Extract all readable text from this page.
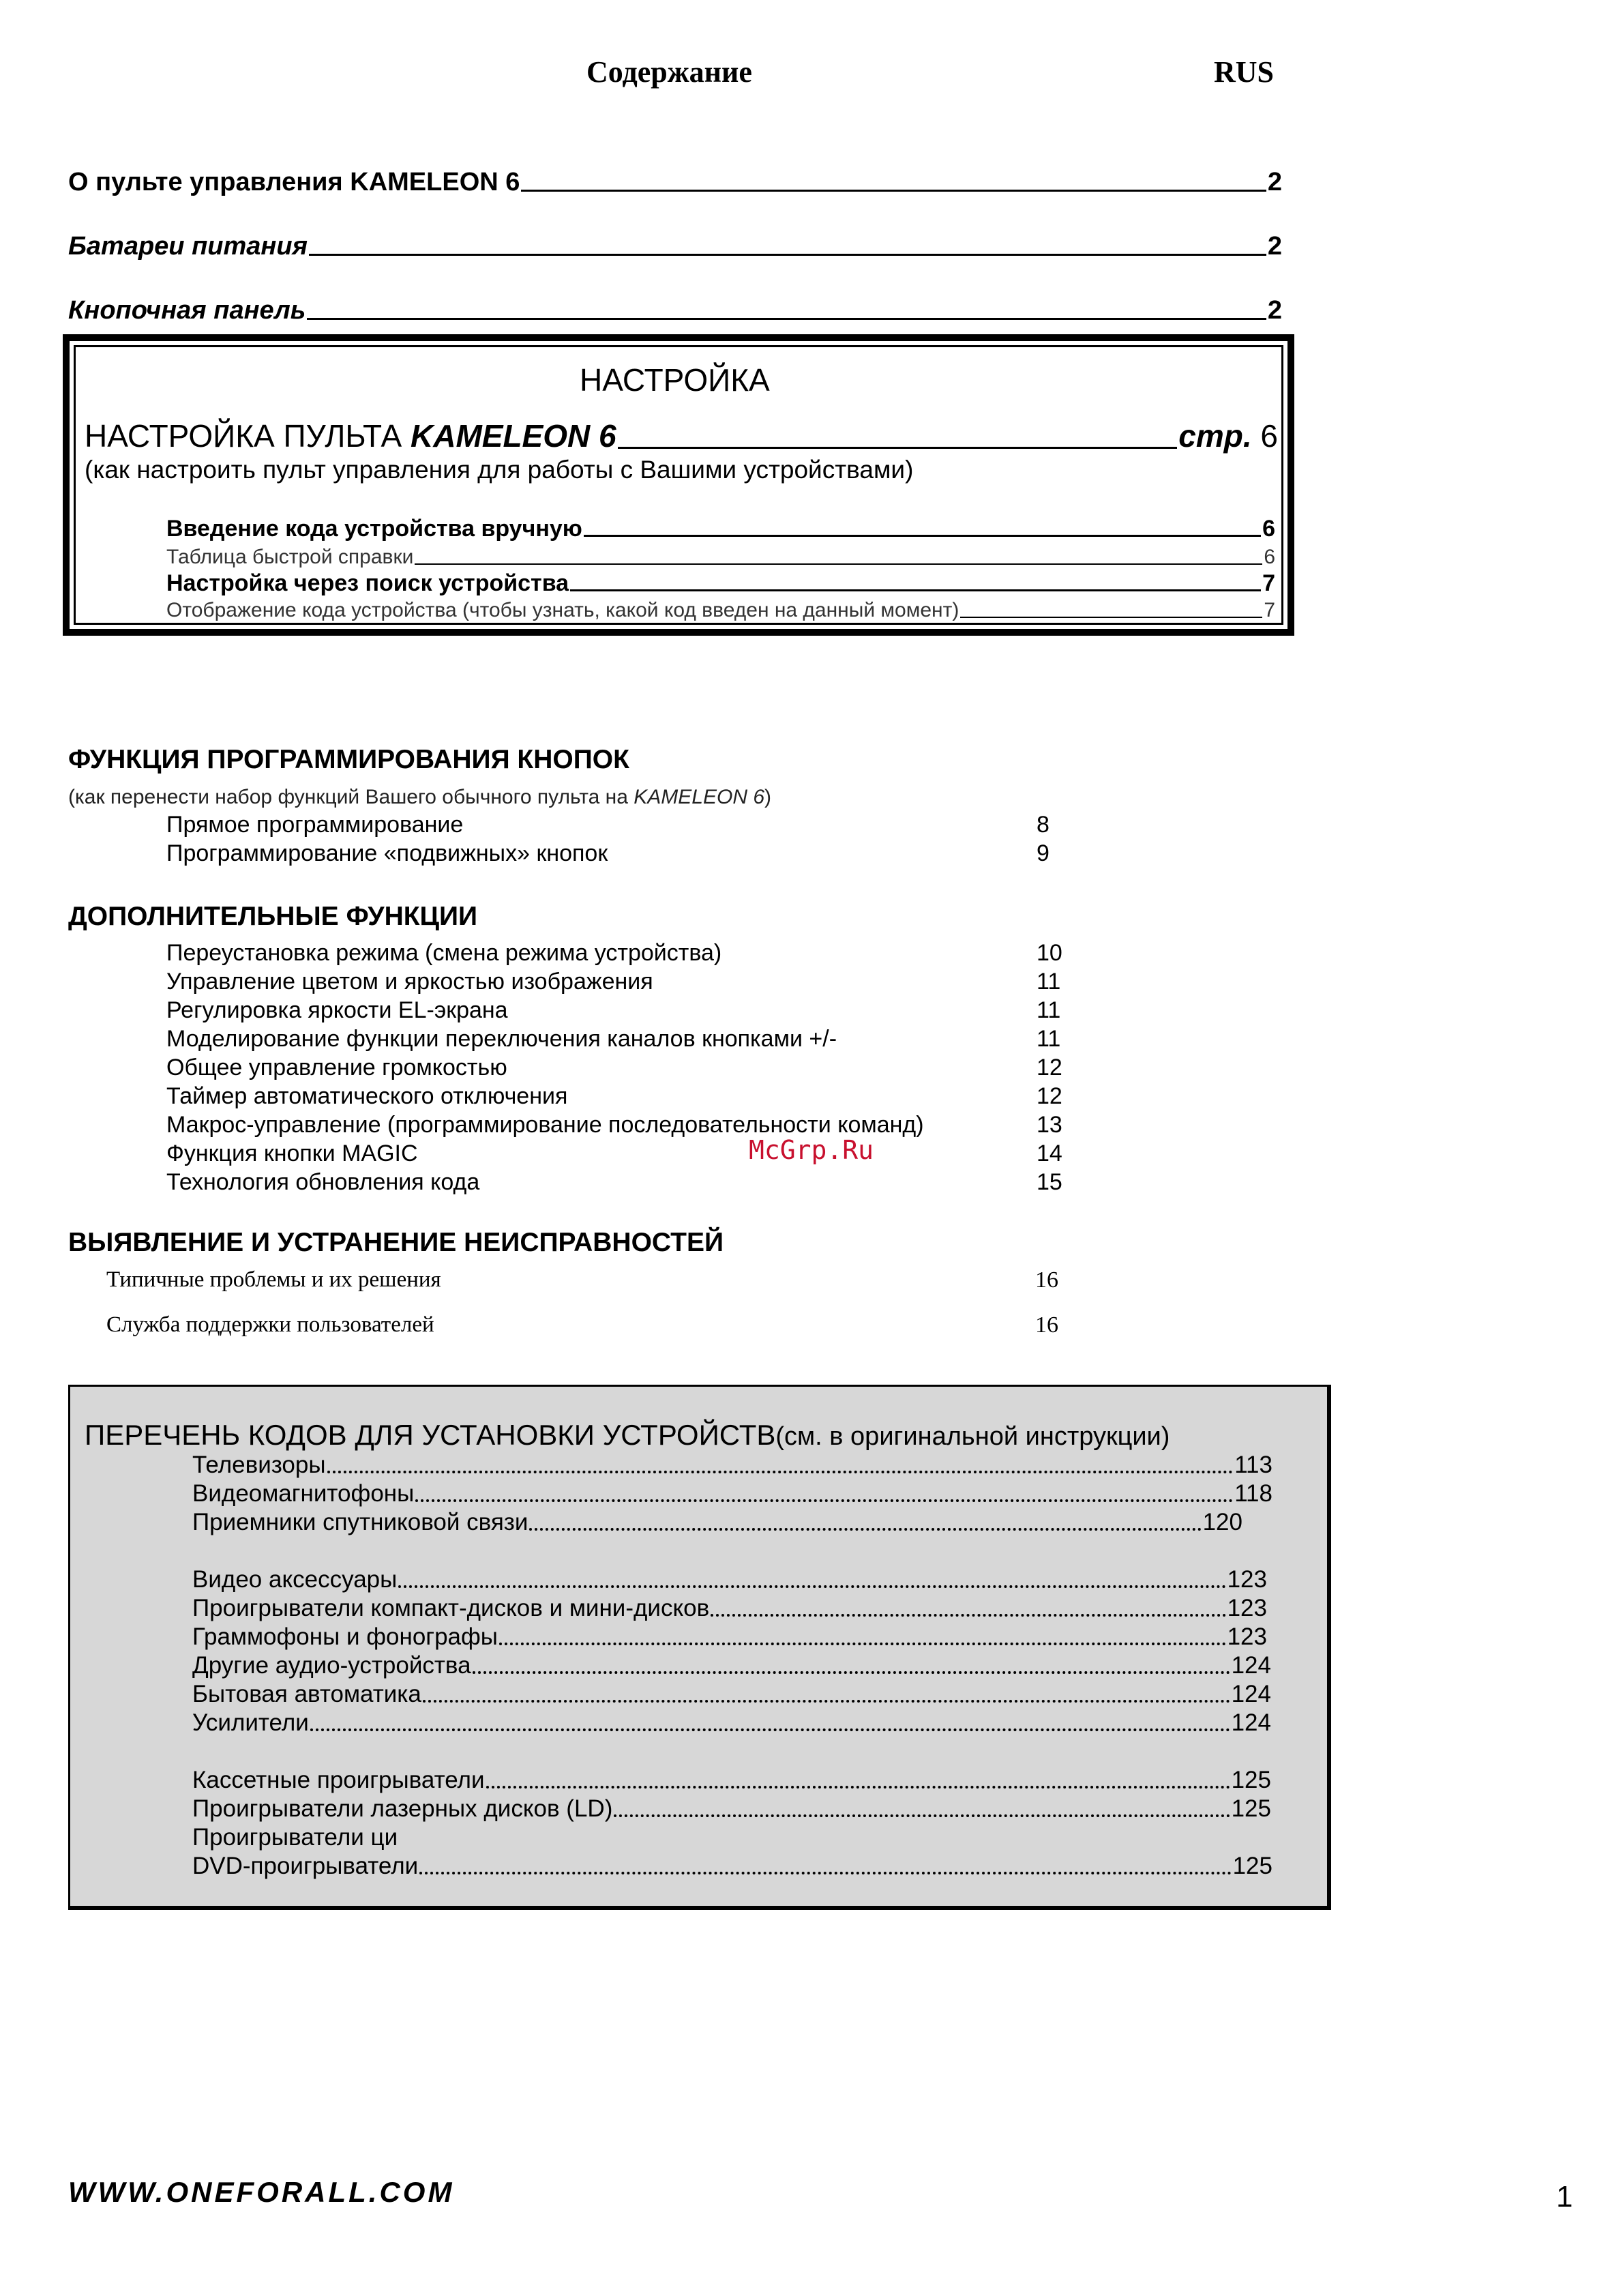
Содержание	RUS
О пульте управления KAMELEON 6	2
Батареи питания	2
Кнопочная панель	2
НАСТРОЙКА
НАСТРОЙКА ПУЛЬТА KAMELEON 6	стр. 6
(как настроить пульт управления для работы с Вашими устройствами)
Введение кода устройства вручную	6
Таблица быстрой справки	6
Настройка через поиск устройства	7
Отображение кода устройства (чтобы узнать, какой код введен на данный момент)	7
ФУНКЦИЯ ПРОГРАММИРОВАНИЯ КНОПОК
(как перенести набор функций Вашего обычного пульта на KAMELEON 6)
Прямое программирование	8
Программирование «подвижных» кнопок	9
ДОПОЛНИТЕЛЬНЫЕ ФУНКЦИИ
Переустановка режима (смена режима устройства)	10
Управление цветом и яркостью изображения	11
Регулировка яркости EL-экрана	11
Моделирование функции переключения каналов кнопками +/-	11
Общее управление громкостью	12
Таймер автоматического отключения	12
Макрос-управление (программирование последовательности команд)	13
Функция кнопки MAGIC	14
Технология обновления кода	15
McGrp.Ru
ВЫЯВЛЕНИЕ И УСТРАНЕНИЕ НЕИСПРАВНОСТЕЙ
Типичные проблемы и их решения	16
Служба поддержки пользователей	16
ПЕРЕЧЕНЬ КОДОВ ДЛЯ УСТАНОВКИ УСТРОЙСТВ(см. в оригинальной инструкции)
Телевизоры	113
Видеомагнитофоны	118
Приемники спутниковой связи	120
Видео аксессуары	123
Проигрыватели компакт-дисков и мини-дисков	123
Граммофоны и фонографы	123
Другие аудио-устройства	124
Бытовая автоматика	124
Усилители	124
Кассетные проигрыватели	125
Проигрыватели лазерных дисков (LD)	125
Проигрыватели ци
DVD-проигрыватели	125
WWW.ONEFORALL.COM	1
